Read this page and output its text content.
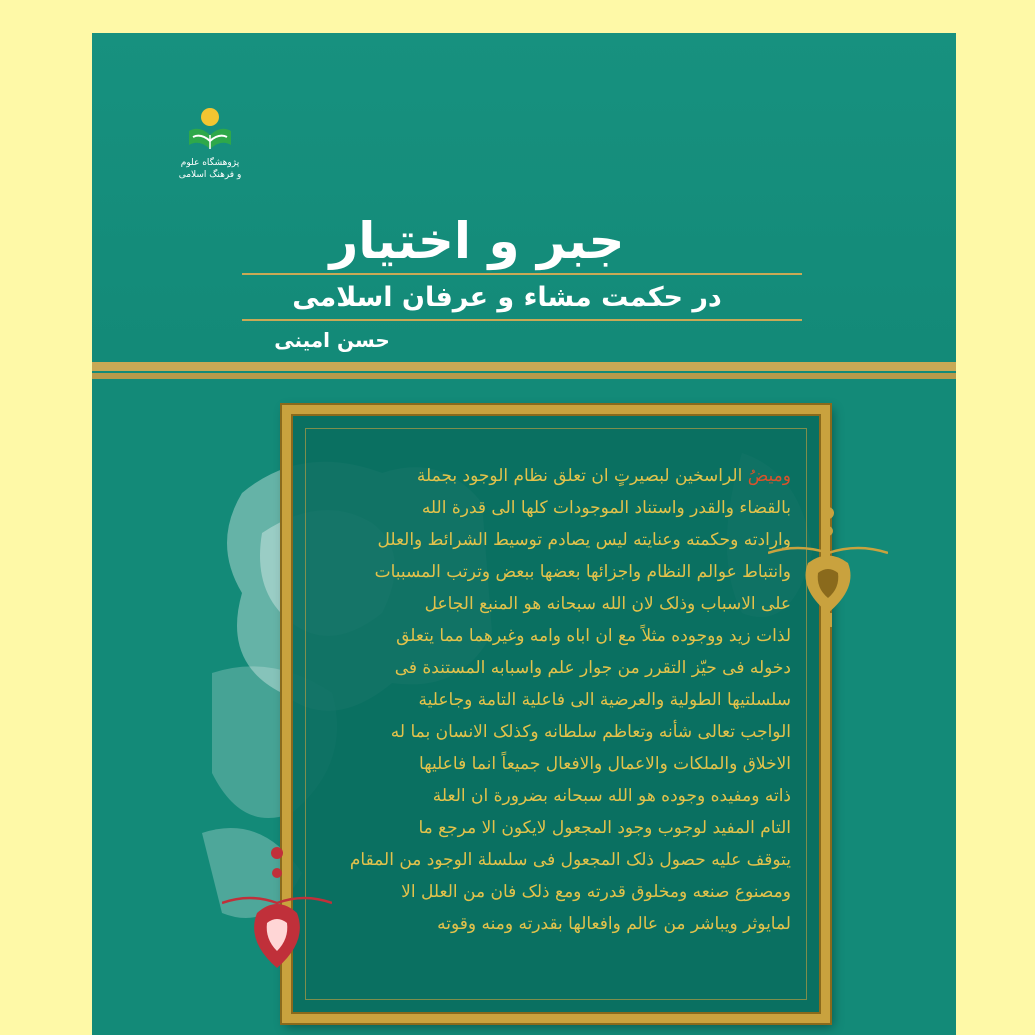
پژوهشگاه علوم
و فرهنگ اسلامی
جبر و اختیار
در حکمت مشاء و عرفان اسلامی
حسن امینی
ومیضُ الراسخین لبصیرتٍ ان تعلق نظام الوجود بجملة
بالقضاء والقدر واستناد الموجودات کلها الی قدرة الله
وارادته وحکمته وعنایته لیس یصادم توسیط الشرائط والعلل
وانتباط عوالم النظام واجزائها بعضها ببعض وترتب المسببات
علی الاسباب وذلک لان الله سبحانه هو المنبع الجاعل
لذات زید ووجوده مثلاً مع ان اباه وامه وغیرهما مما یتعلق
دخوله فی حیّز التقرر من جوار علم واسبابه المستندة فی
سلسلتیها الطولیة والعرضیة الی فاعلیة التامة وجاعلیة
الواجب تعالی شأنه وتعاظم سلطانه وکذلک الانسان بما له
الاخلاق والملکات والاعمال والافعال جمیعاً انما فاعلیها
ذاته ومفیده وجوده هو الله سبحانه بضرورة ان العلة
التام المفید لوجوب وجود المجعول لایکون الا مرجع ما
یتوقف علیه حصول ذلک المجعول فی سلسلة الوجود من المقام
ومصنوع صنعه ومخلوق قدرته ومع ذلک فان من العلل الا
لمایوثر ویباشر من عالم وافعالها بقدرته ومنه وقوته
